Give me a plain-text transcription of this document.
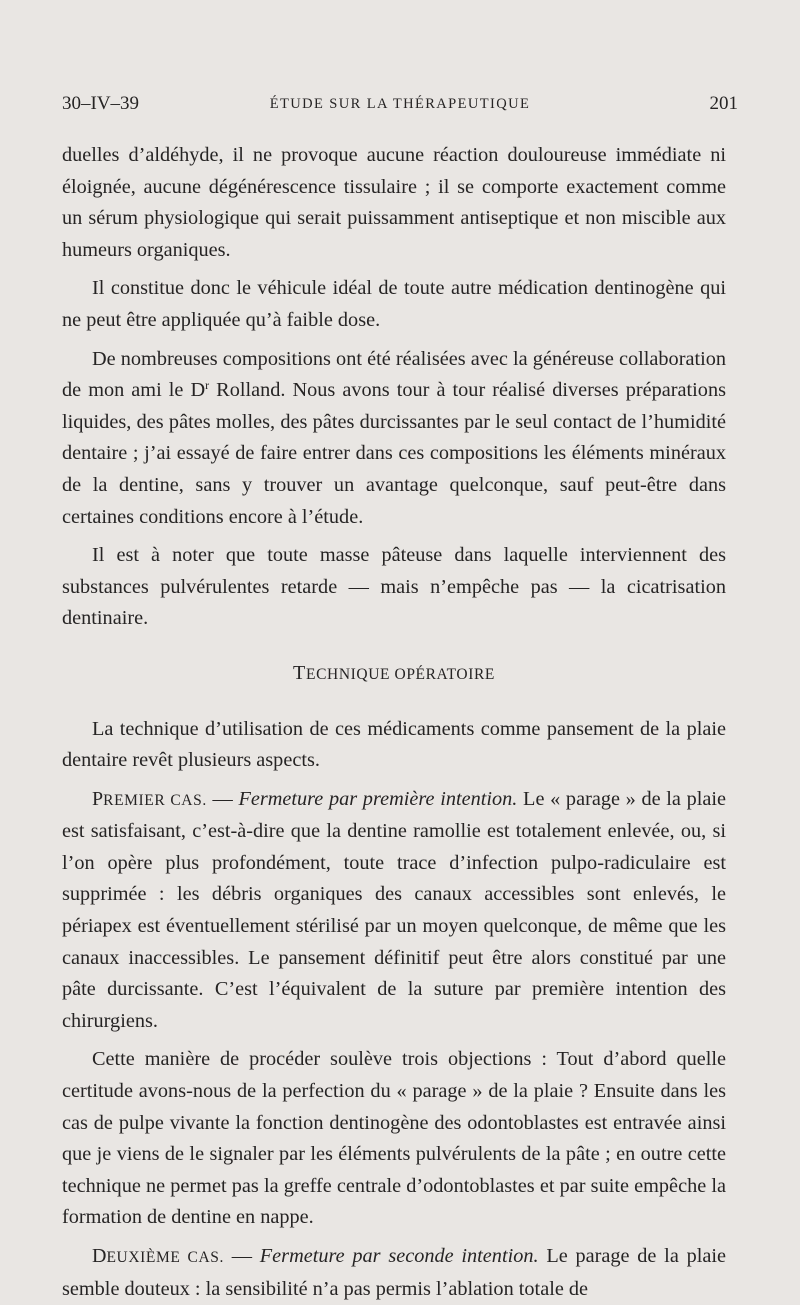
30–IV–39	ÉTUDE SUR LA THÉRAPEUTIQUE	201

duelles d’aldéhyde, il ne provoque aucune réaction douloureuse immédiate ni éloignée, aucune dégénérescence tissulaire ; il se comporte exactement comme un sérum physiologique qui serait puissamment antiseptique et non miscible aux humeurs organiques.

Il constitue donc le véhicule idéal de toute autre médication dentinogène qui ne peut être appliquée qu’à faible dose.

De nombreuses compositions ont été réalisées avec la généreuse collaboration de mon ami le $D^r$ Rolland. Nous avons tour à tour réalisé diverses préparations liquides, des pâtes molles, des pâtes durcissantes par le seul contact de l’humidité dentaire ; j’ai essayé de faire entrer dans ces compositions les éléments minéraux de la dentine, sans y trouver un avantage quelconque, sauf peut-être dans certaines conditions encore à l’étude.

Il est à noter que toute masse pâteuse dans laquelle interviennent des substances pulvérulentes retarde — mais n’empêche pas — la cicatrisation dentinaire.

TECHNIQUE OPÉRATOIRE

La technique d’utilisation de ces médicaments comme pansement de la plaie dentaire revêt plusieurs aspects.

PREMIER CAS. — Fermeture par première intention. Le « parage » de la plaie est satisfaisant, c’est-à-dire que la dentine ramollie est totalement enlevée, ou, si l’on opère plus profondément, toute trace d’infection pulpo-radiculaire est supprimée : les débris organiques des canaux accessibles sont enlevés, le périapex est éventuellement stérilisé par un moyen quelconque, de même que les canaux inaccessibles. Le pansement définitif peut être alors constitué par une pâte durcissante. C’est l’équivalent de la suture par première intention des chirurgiens.

Cette manière de procéder soulève trois objections : Tout d’abord quelle certitude avons-nous de la perfection du « parage » de la plaie ? Ensuite dans les cas de pulpe vivante la fonction dentinogène des odontoblastes est entravée ainsi que je viens de le signaler par les éléments pulvérulents de la pâte ; en outre cette technique ne permet pas la greffe centrale d’odontoblastes et par suite empêche la formation de dentine en nappe.

DEUXIÈME CAS. — Fermeture par seconde intention. Le parage de la plaie semble douteux : la sensibilité n’a pas permis l’ablation totale de
